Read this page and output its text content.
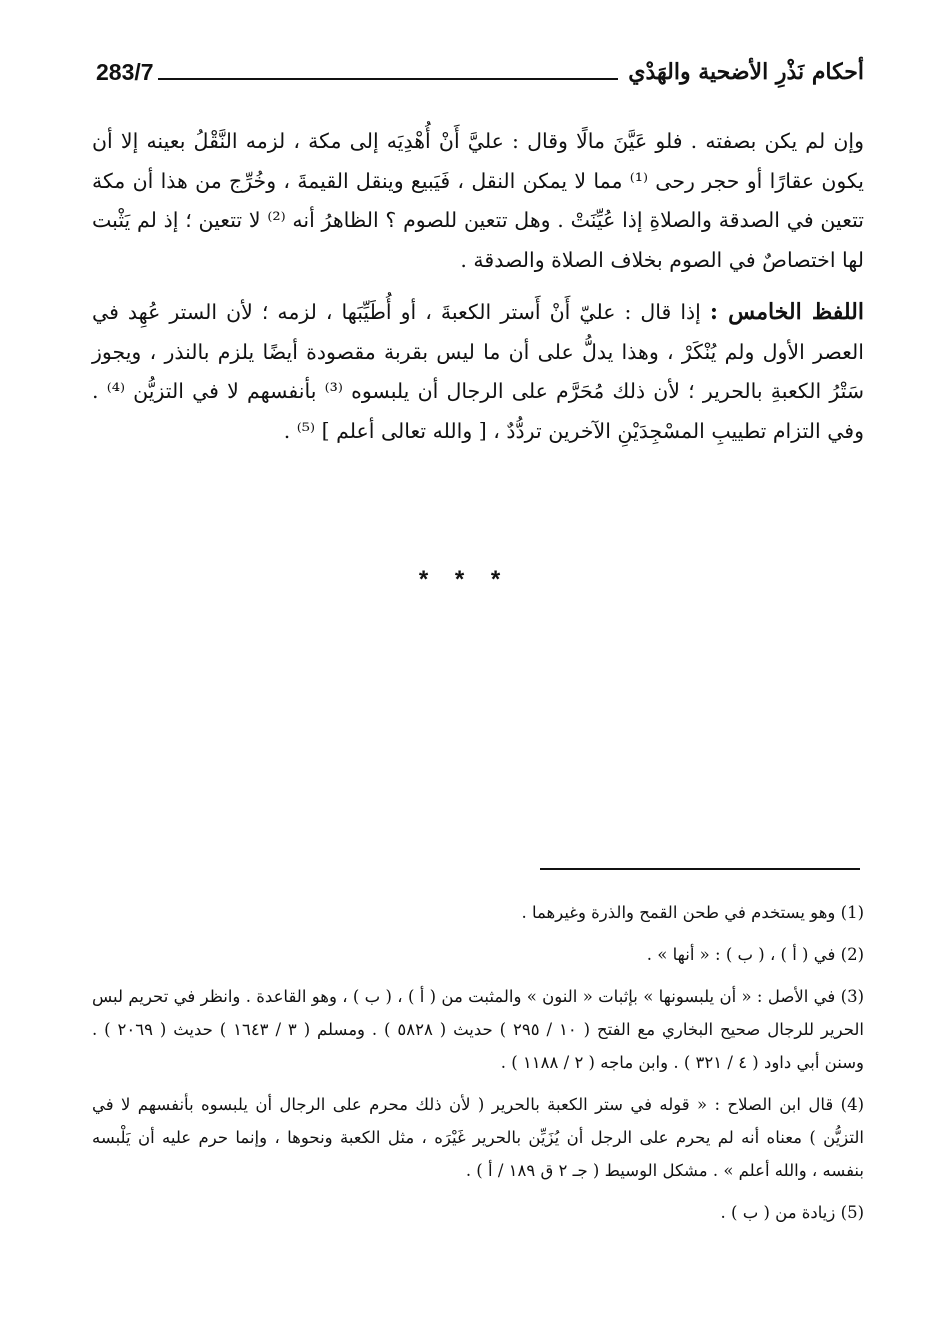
283/7	أحكام نَذْرِ الأضحية والهَدْي

وإن لم يكن بصفته . فلو عَيَّنَ مالًا وقال : عليَّ أَنْ أُهْدِيَه إلى مكة ، لزمه النَّقْلُ بعينه إلا أن يكون عقارًا أو حجر رحى ⁽¹⁾ مما لا يمكن النقل ، فَيَبيع وينقل القيمةَ ، وخُرِّج من هذا أن مكة تتعين في الصدقة والصلاةِ إذا عُيِّنَتْ . وهل تتعين للصوم ؟ الظاهرُ أنه ⁽²⁾ لا تتعين ؛ إذ لم يَثْبت لها اختصاصٌ في الصوم بخلاف الصلاة والصدقة .

اللفظ الخامس : إذا قال : عليّ أَنْ أَستر الكعبةَ ، أو أُطَيِّبَها ، لزمه ؛ لأن الستر عُهِد في العصر الأول ولم يُنْكَرْ ، وهذا يدلُّ على أن ما ليس بقربة مقصودة أيضًا يلزم بالنذر ، ويجوز سَتْرُ الكعبةِ بالحرير ؛ لأن ذلك مُحَرَّم على الرجال أن يلبسوه ⁽³⁾ بأنفسهم لا في التزيُّن ⁽⁴⁾ . وفي التزام تطييبِ المسْجِدَيْنِ الآخرين تردُّدٌ ، [ والله تعالى أعلم ] ⁽⁵⁾ .

* * *

(1) وهو يستخدم في طحن القمح والذرة وغيرهما .

(2) في ( أ ) ، ( ب ) : « أنها » .

(3) في الأصل : « أن يلبسونها » بإثبات « النون » والمثبت من ( أ ) ، ( ب ) ، وهو القاعدة . وانظر في تحريم لبس الحرير للرجال صحيح البخاري مع الفتح ( ١٠ / ٢٩٥ ) حديث ( ٥٨٢٨ ) . ومسلم ( ٣ / ١٦٤٣ ) حديث ( ٢٠٦٩ ) . وسنن أبي داود ( ٤ / ٣٢١ ) . وابن ماجه ( ٢ / ١١٨٨ ) .

(4) قال ابن الصلاح : « قوله في ستر الكعبة بالحرير ( لأن ذلك محرم على الرجال أن يلبسوه بأنفسهم لا في التزيُّن ) معناه أنه لم يحرم على الرجل أن يُزَيِّن بالحرير غَيْرَه ، مثل الكعبة ونحوها ، وإنما حرم عليه أن يَلْبسه بنفسه ، والله أعلم » . مشكل الوسيط ( جـ ٢ ق ١٨٩ / أ ) .

(5) زيادة من ( ب ) .
